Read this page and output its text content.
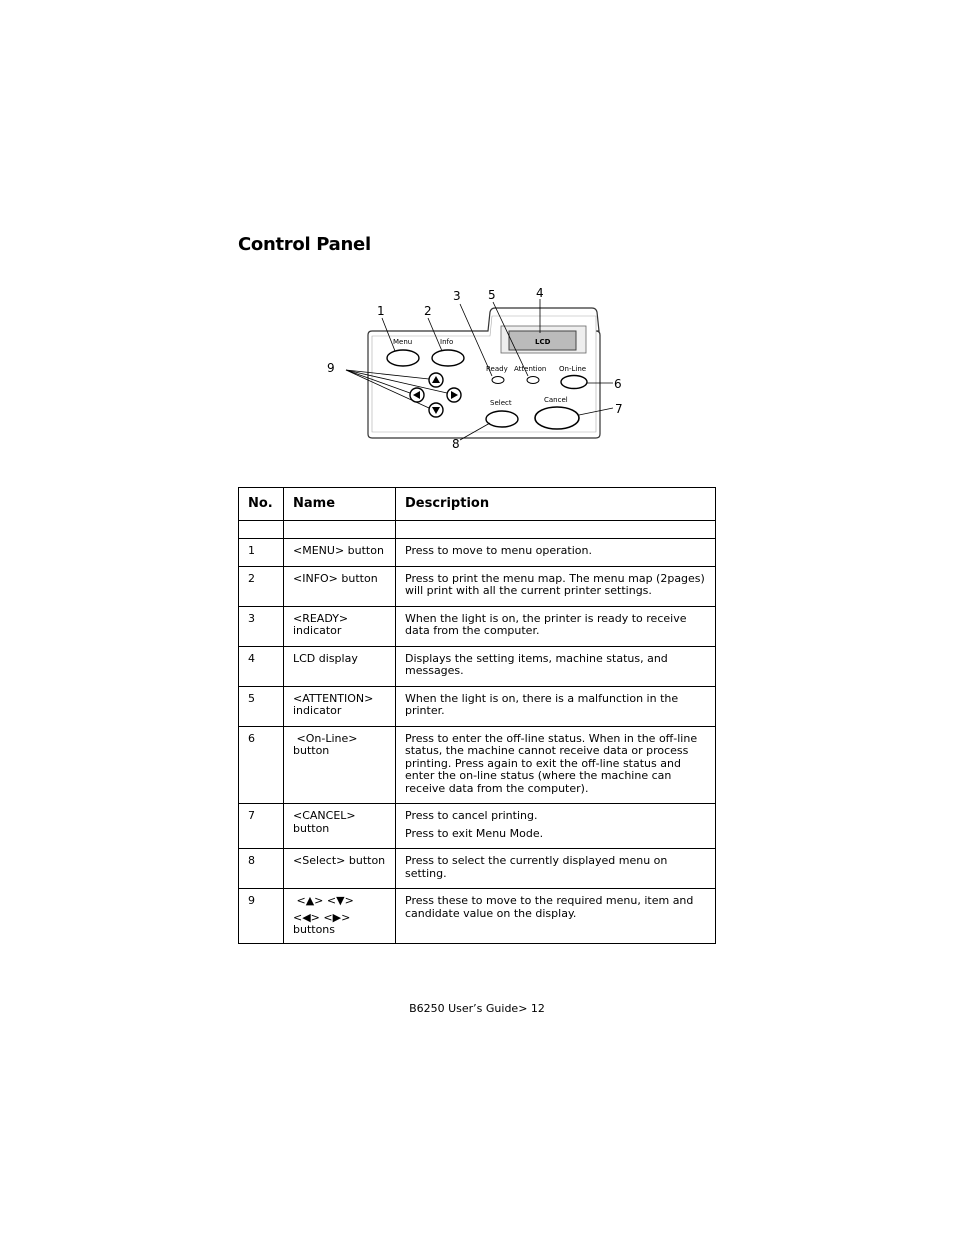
Control Panel
Menu	Info	LCD
Ready Attention On-Line
Select	Cancel
1	2
3	4
5
6
7
8
9
No.	Name	Description

1	<MENU> button	Press to move to menu operation.

2	<INFO> button	Press to print the menu map. The menu map (2pages) will print with all the current printer settings.

3	<READY> indicator	When the light is on, the printer is ready to receive data from the computer.

4	LCD display	Displays the setting items, machine status, and messages.

5	<ATTENTION> indicator	When the light is on, there is a malfunction in the printer.

6	<On-Line> button	Press to enter the off-line status. When in the off-line status, the machine cannot receive data or process printing. Press again to exit the off-line status and enter the on-line status (where the machine can receive data from the computer).

7	<CANCEL> button	Press to cancel printing.

Press to exit Menu Mode.

8	<Select> button	Press to select the currently displayed menu on setting.

9	<▲> <▼>
<◀> <▶>
buttons	Press these to move to the required menu, item and candidate value on the display.

B6250 User’s Guide> 12
